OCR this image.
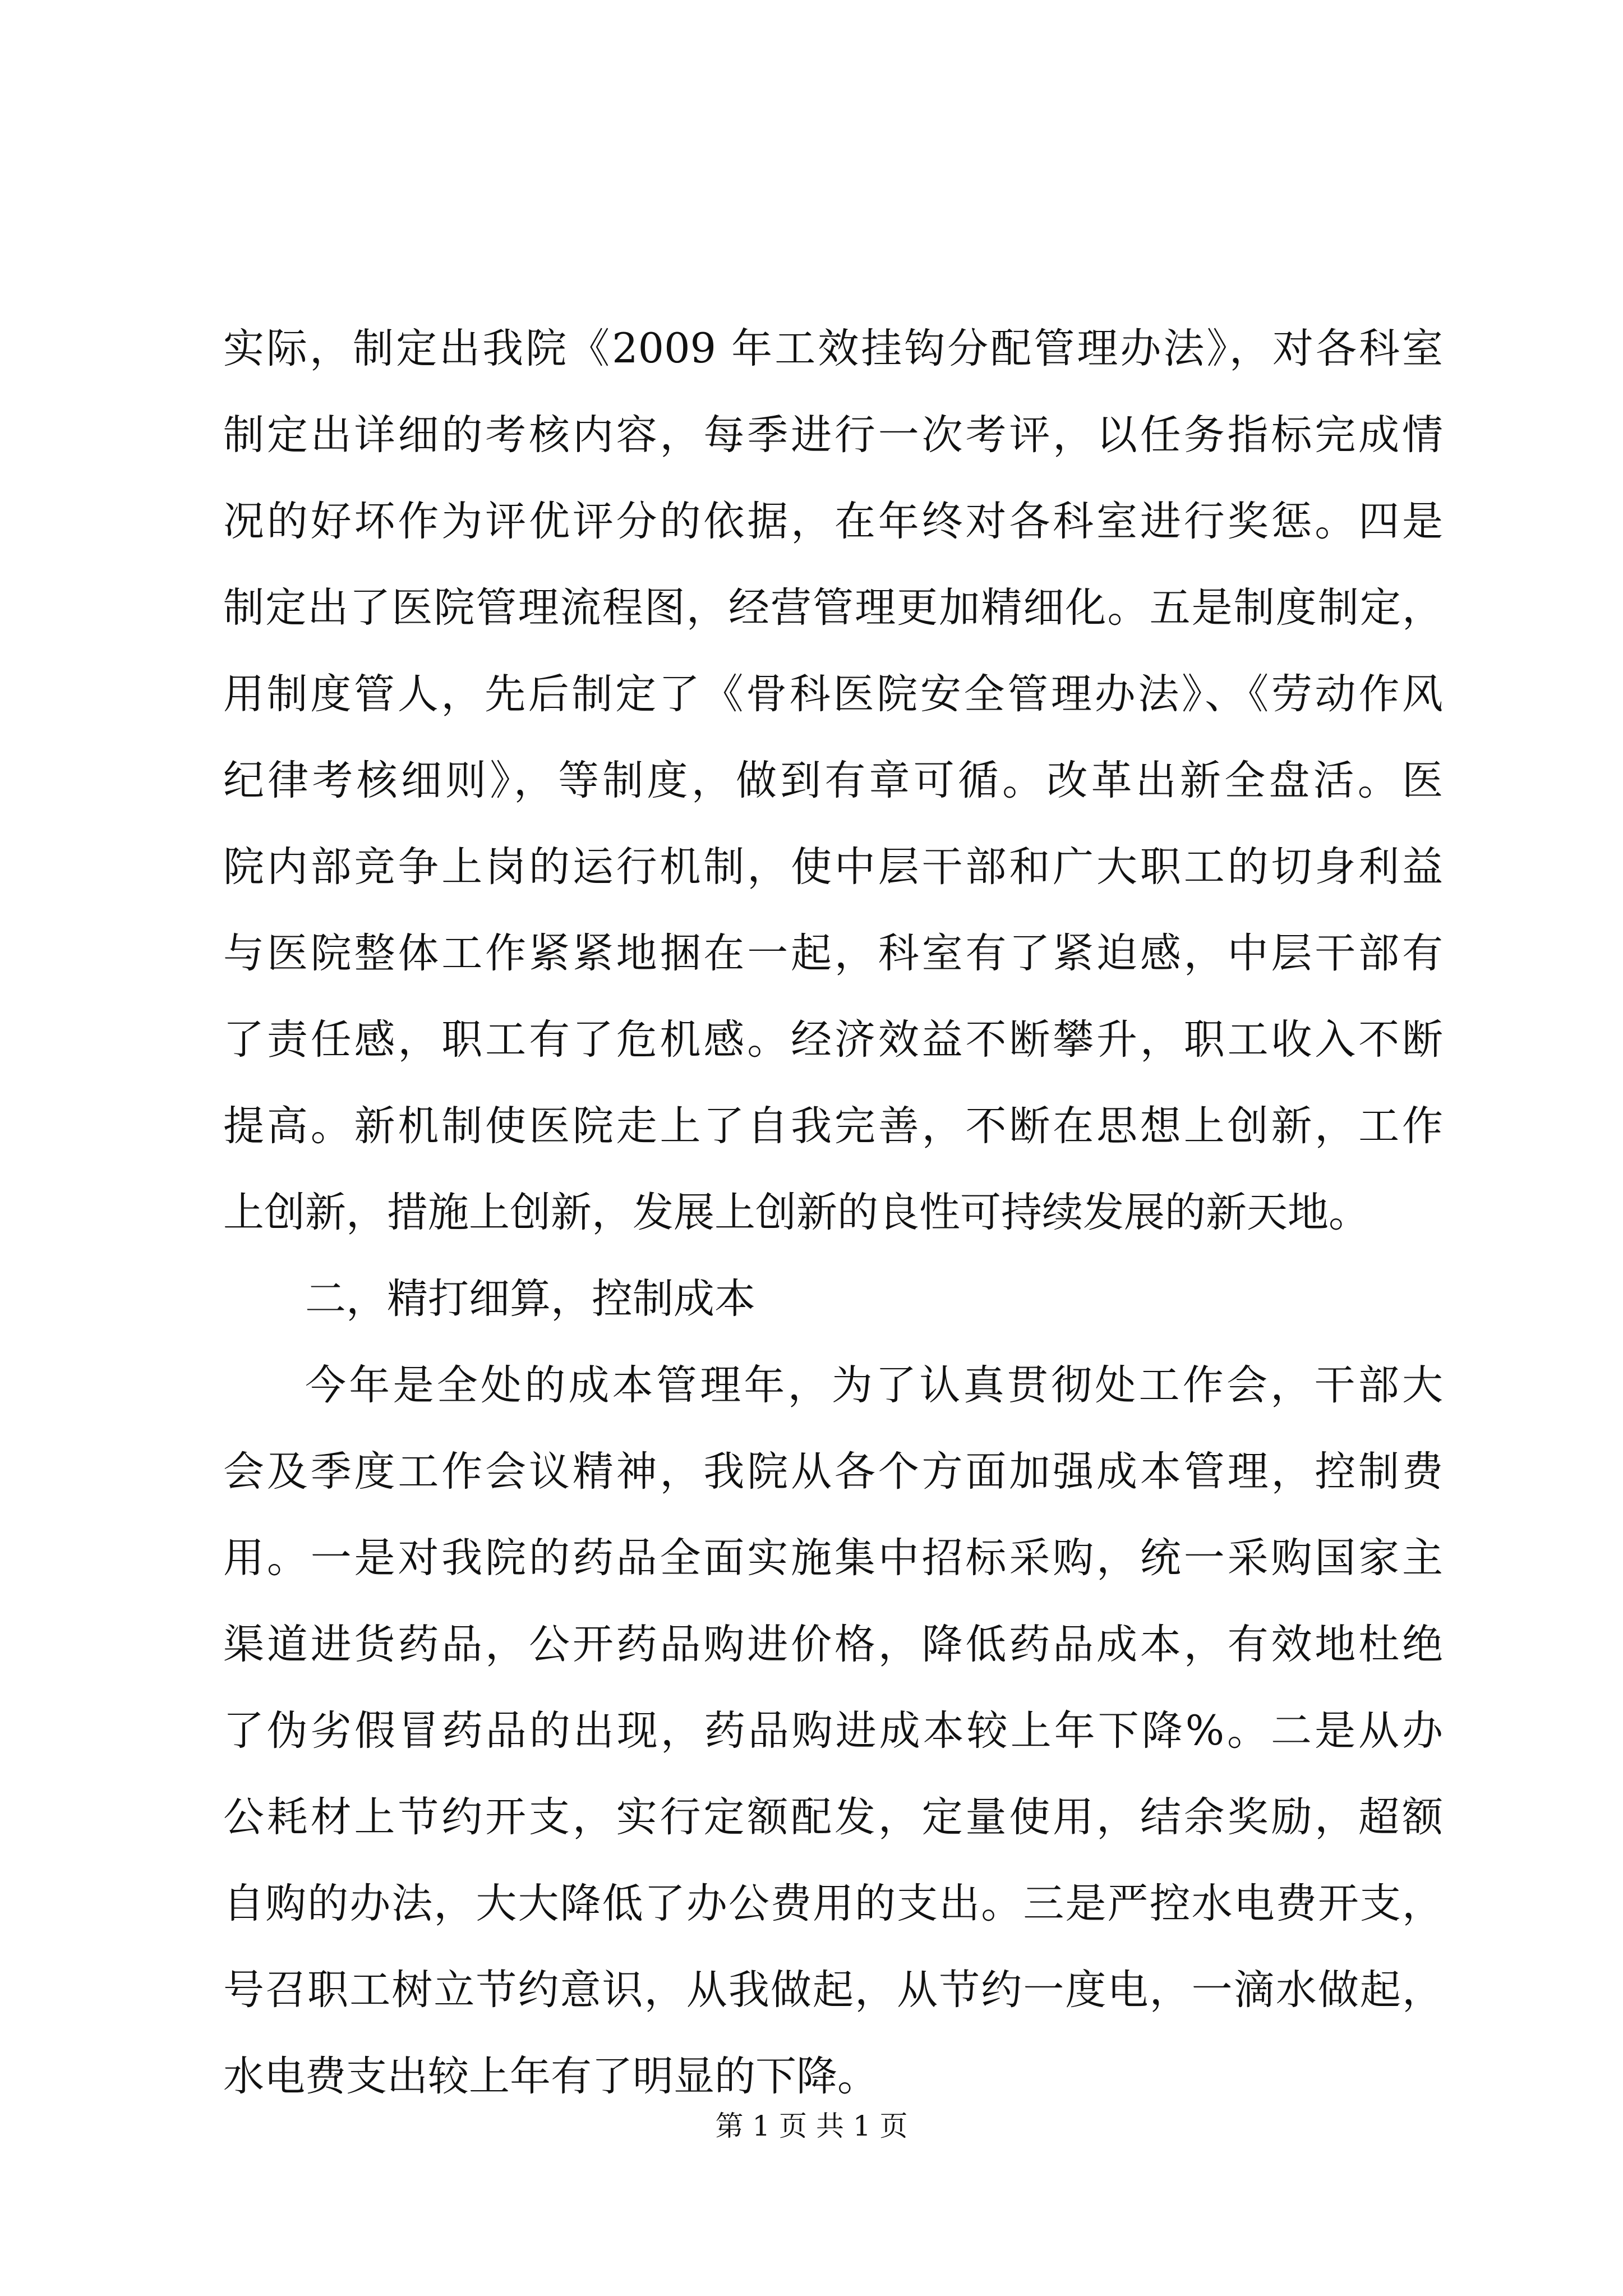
实际，制定出我院《2009 年工效挂钩分配管理办法》，对各科室
制定出详细的考核内容，每季进行一次考评，以任务指标完成情
况的好坏作为评优评分的依据，在年终对各科室进行奖惩。四是
制定出了医院管理流程图，经营管理更加精细化。五是制度制定，
用制度管人，先后制定了《骨科医院安全管理办法》、《劳动作风
纪律考核细则》，等制度，做到有章可循。改革出新全盘活。医
院内部竞争上岗的运行机制，使中层干部和广大职工的切身利益
与医院整体工作紧紧地捆在一起，科室有了紧迫感，中层干部有
了责任感，职工有了危机感。经济效益不断攀升，职工收入不断
提高。新机制使医院走上了自我完善，不断在思想上创新，工作
上创新，措施上创新，发展上创新的良性可持续发展的新天地。
二，精打细算，控制成本
今年是全处的成本管理年，为了认真贯彻处工作会，干部大
会及季度工作会议精神，我院从各个方面加强成本管理，控制费
用。一是对我院的药品全面实施集中招标采购，统一采购国家主
渠道进货药品，公开药品购进价格，降低药品成本，有效地杜绝
了伪劣假冒药品的出现，药品购进成本较上年下降%。二是从办
公耗材上节约开支，实行定额配发，定量使用，结余奖励，超额
自购的办法，大大降低了办公费用的支出。三是严控水电费开支，
号召职工树立节约意识，从我做起，从节约一度电，一滴水做起，
水电费支出较上年有了明显的下降。
第 1 页 共 1 页
